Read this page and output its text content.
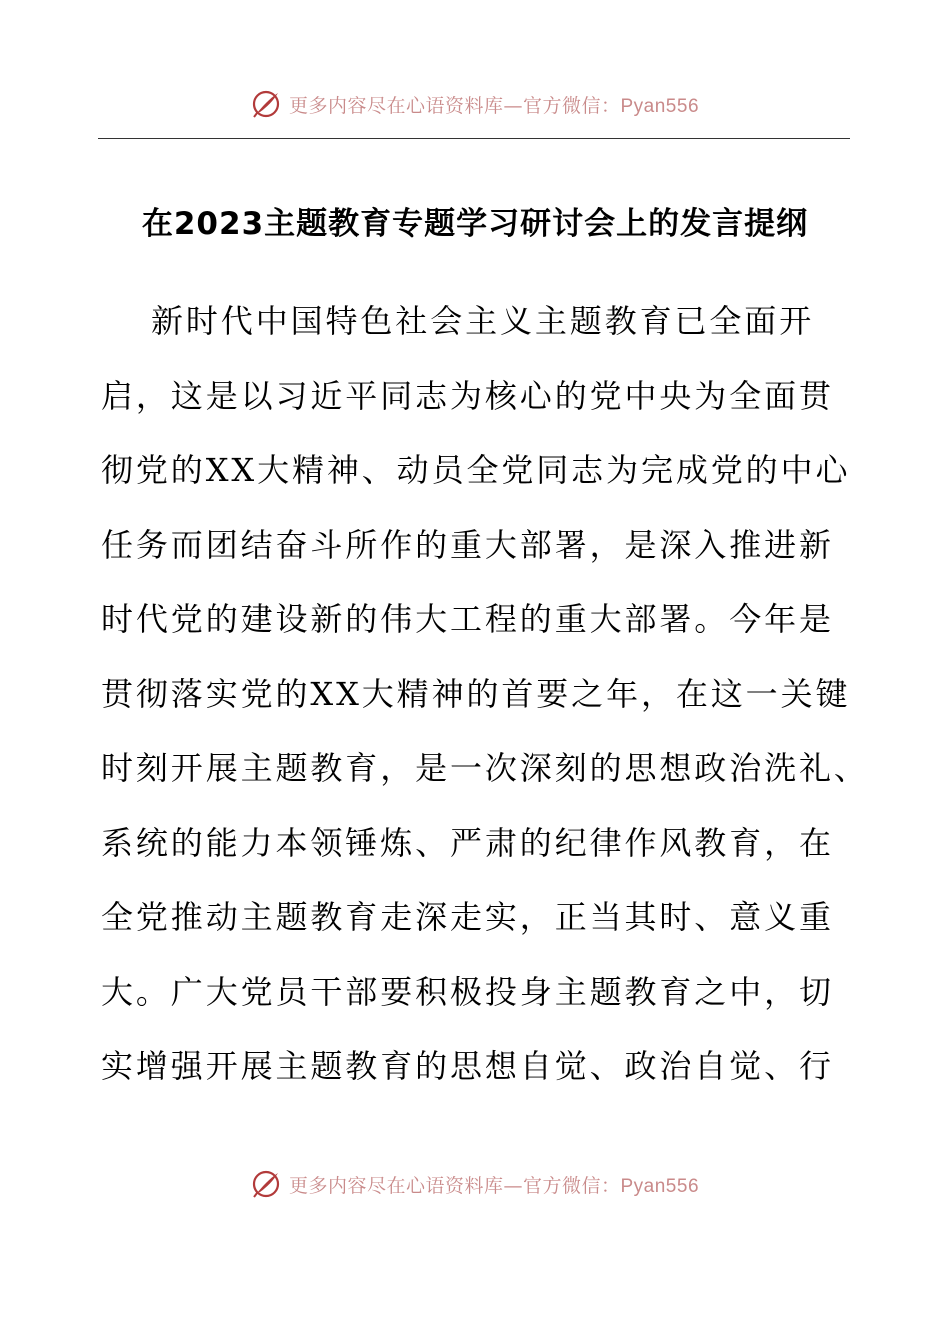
更多内容尽在心语资料库—官方微信：Pyan556
在2023主题教育专题学习研讨会上的发言提纲
新时代中国特色社会主义主题教育已全面开
启，这是以习近平同志为核心的党中央为全面贯
彻党的XX大精神、动员全党同志为完成党的中心
任务而团结奋斗所作的重大部署，是深入推进新
时代党的建设新的伟大工程的重大部署。今年是
贯彻落实党的XX大精神的首要之年，在这一关键
时刻开展主题教育，是一次深刻的思想政治洗礼、
系统的能力本领锤炼、严肃的纪律作风教育，在
全党推动主题教育走深走实，正当其时、意义重
大。广大党员干部要积极投身主题教育之中，切
实增强开展主题教育的思想自觉、政治自觉、行
更多内容尽在心语资料库—官方微信：Pyan556
